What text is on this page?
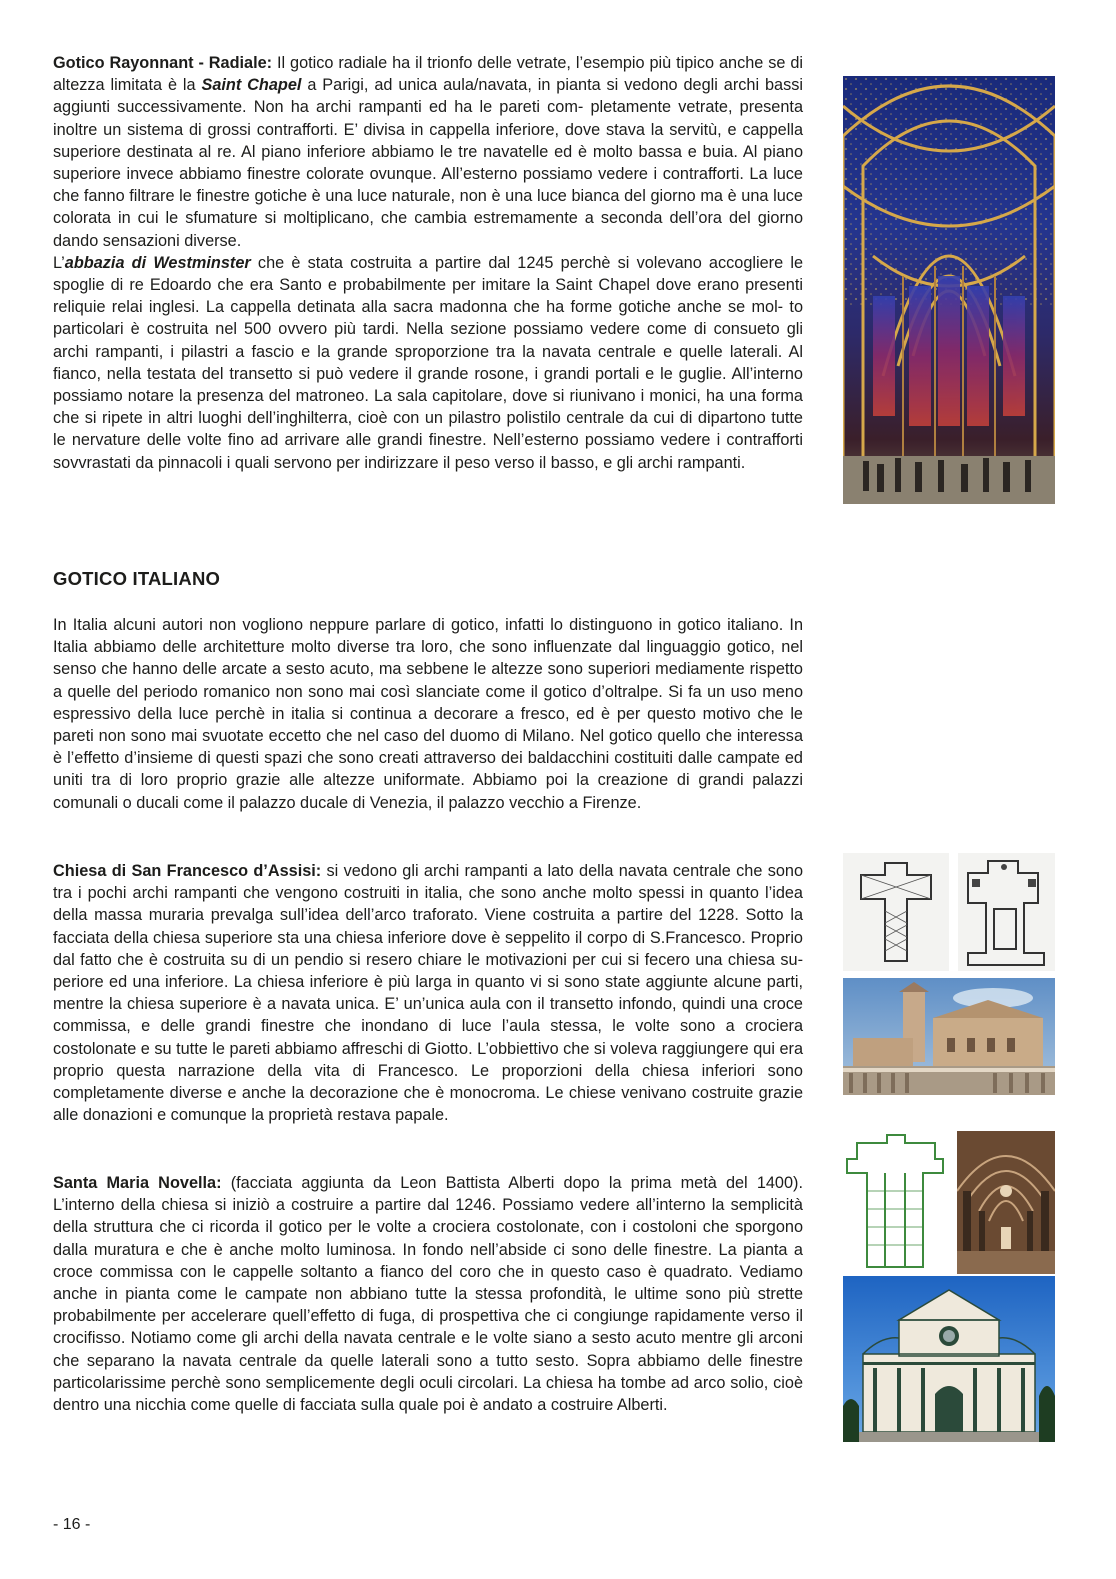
Gotico Rayonnant - Radiale: Il gotico radiale ha il trionfo delle vetrate, l’esempio più tipico anche se di altezza limitata è la Saint Chapel a Parigi, ad unica aula/navata, in pianta si vedono degli archi bassi aggiunti successivamente. Non ha archi rampanti ed ha le pareti com- pletamente vetrate, presenta inoltre un sistema di grossi contrafforti. E’ divisa in cappella inferiore, dove stava la servitù, e cappella superiore destinata al re. Al piano inferiore abbiamo le tre navatelle ed è molto bassa e buia. Al piano superiore invece abbiamo finestre colorate ovunque. All’esterno possiamo vedere i contrafforti. La luce che fanno filtrare le finestre gotiche è una luce naturale, non è una luce bianca del giorno ma è una luce colorata in cui le sfumature si moltiplicano, che cambia estremamente a seconda dell’ora del giorno dando sensazioni diverse.

L’abbazia di Westminster che è stata costruita a partire dal 1245 perchè si volevano accogliere le spoglie di re Edoardo che era Santo e probabilmente per imitare la Saint Chapel dove erano presenti reliquie relai inglesi. La cappella detinata alla sacra madonna che ha forme gotiche anche se mol- to particolari è costruita nel 500 ovvero più tardi. Nella sezione possiamo vedere come di consueto gli archi rampanti, i pilastri a fascio e la grande sproporzione tra la navata centrale e quelle laterali. Al fianco, nella testata del transetto si può vedere il grande rosone, i grandi portali e le guglie. All’interno possiamo notare la presenza del matroneo. La sala capitolare, dove si riunivano i monici, ha una forma che si ripete in altri luoghi dell’inghilterra, cioè con un pilastro polistilo centrale da cui di dipartono tutte le nervature delle volte fino ad arrivare alle grandi finestre. Nell’esterno possiamo vedere i contrafforti sovvrastati da pinnacoli i quali servono per indirizzare il peso verso il basso, e gli archi rampanti.

GOTICO ITALIANO

In Italia alcuni autori non vogliono neppure parlare di gotico, infatti lo distinguono in gotico italiano. In Italia abbiamo delle architetture molto diverse tra loro, che sono influenzate dal linguaggio gotico, nel senso che hanno delle arcate a sesto acuto, ma sebbene le altezze sono superiori mediamente rispetto a quelle del periodo romanico non sono mai così slanciate come il gotico d’oltralpe. Si fa un uso meno espressivo della luce perchè in italia si continua a decorare a fresco, ed è per questo motivo che le pareti non sono mai svuotate eccetto che nel caso del duomo di Milano. Nel gotico quello che interessa è l’effetto d’insieme di questi spazi che sono creati attraverso dei baldacchini costituiti dalle campate ed uniti tra di loro proprio grazie alle altezze uniformate. Abbiamo poi la creazione di grandi palazzi comunali o ducali come il palazzo ducale di Venezia, il palazzo vecchio a Firenze.

Chiesa di San Francesco d’Assisi: si vedono gli archi rampanti a lato della navata centrale che sono tra i pochi archi rampanti che vengono costruiti in italia, che sono anche molto spessi in quanto l’idea della massa muraria prevalga sull’idea dell’arco traforato. Viene costruita a partire del 1228. Sotto la facciata della chiesa superiore sta una chiesa inferiore dove è seppelito il corpo di S.Francesco. Proprio dal fatto che è costruita su di un pendio si resero chiare le motivazioni per cui si fecero una chiesa su- periore ed una inferiore. La chiesa inferiore è più larga in quanto vi si sono state aggiunte alcune parti, mentre la chiesa superiore è a navata unica. E’ un’unica aula con il transetto infondo, quindi una croce commissa, e delle grandi finestre che inondano di luce l’aula stessa, le volte sono a crociera costolonate e su tutte le pareti abbiamo affreschi di Giotto. L’obbiettivo che si voleva raggiungere qui era proprio questa narrazione della vita di Francesco. Le proporzioni della chiesa inferiori sono completamente diverse e anche la decorazione che è monocroma. Le chiese venivano costruite grazie alle donazioni e comunque la proprietà restava papale.

Santa Maria Novella: (facciata aggiunta da Leon Battista Alberti dopo la prima metà del 1400). L’interno della chiesa si iniziò a costruire a partire dal 1246. Possiamo vedere all’interno la semplicità della struttura che ci ricorda il gotico per le volte a crociera costolonate, con i costoloni che sporgono dalla muratura e che è anche molto luminosa. In fondo nell’abside ci sono delle finestre. La pianta a croce commissa con le cappelle soltanto a fianco del coro che in questo caso è quadrato. Vediamo anche in pianta come le campate non abbiano tutte la stessa profondità, le ultime sono più strette probabilmente per accelerare quell’effetto di fuga, di prospettiva che ci congiunge rapidamente verso il crocifisso. Notiamo come gli archi della navata centrale e le volte siano a sesto acuto mentre gli arconi che separano la navata centrale da quelle laterali sono a tutto sesto. Sopra abbiamo delle finestre particolarissime perchè sono semplicemente degli oculi circolari. La chiesa ha tombe ad arco solio, cioè dentro una nicchia come quelle di facciata sulla quale poi è andato a costruire Alberti.

- 16 -
